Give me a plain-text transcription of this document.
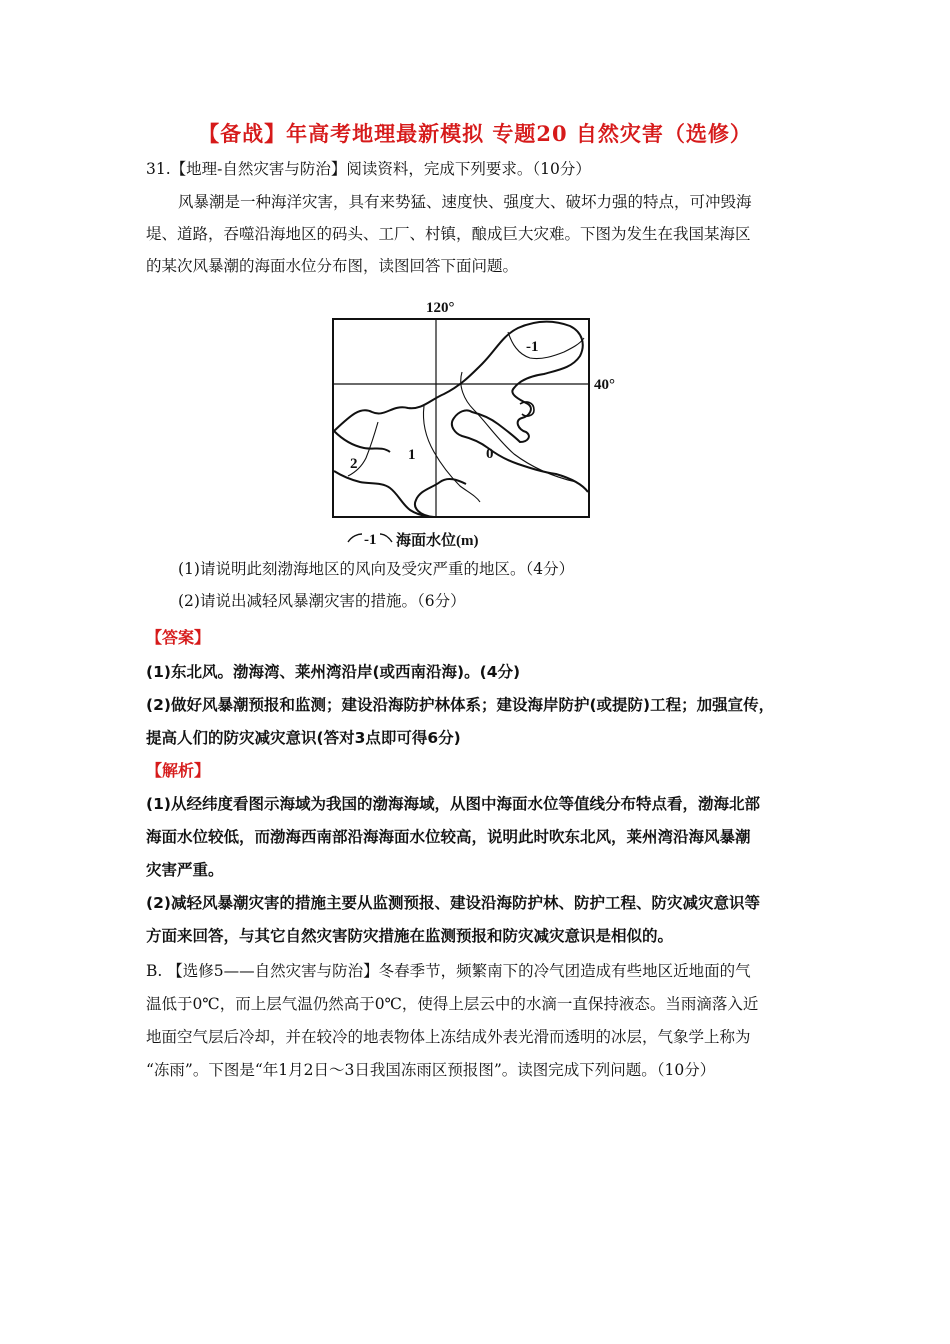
【备战】年高考地理最新模拟 专题20 自然灾害（选修）
31.【地理-自然灾害与防治】阅读资料，完成下列要求。（10分）
风暴潮是一种海洋灾害，具有来势猛、速度快、强度大、破坏力强的特点，可冲毁海
堤、道路，吞噬沿海地区的码头、工厂、村镇，酿成巨大灾难。下图为发生在我国某海区
的某次风暴潮的海面水位分布图，读图回答下面问题。
120°
40°
-1
0
1
2
-1 海面水位(m)
(1)请说明此刻渤海地区的风向及受灾严重的地区。（4分）
(2)请说出减轻风暴潮灾害的措施。（6分）
【答案】
(1)东北风。渤海湾、莱州湾沿岸(或西南沿海)。(4分)
(2)做好风暴潮预报和监测；建设沿海防护林体系；建设海岸防护(或提防)工程；加强宣传，
提高人们的防灾减灾意识(答对3点即可得6分)
【解析】
(1)从经纬度看图示海域为我国的渤海海域，从图中海面水位等值线分布特点看，渤海北部
海面水位较低，而渤海西南部沿海海面水位较高，说明此时吹东北风，莱州湾沿海风暴潮
灾害严重。
(2)减轻风暴潮灾害的措施主要从监测预报、建设沿海防护林、防护工程、防灾减灾意识等
方面来回答，与其它自然灾害防灾措施在监测预报和防灾减灾意识是相似的。
B. 【选修5——自然灾害与防治】冬春季节，频繁南下的冷气团造成有些地区近地面的气
温低于0℃，而上层气温仍然高于0℃，使得上层云中的水滴一直保持液态。当雨滴落入近
地面空气层后冷却，并在较冷的地表物体上冻结成外表光滑而透明的冰层，气象学上称为
“冻雨”。下图是“年1月2日～3日我国冻雨区预报图”。读图完成下列问题。（10分）
